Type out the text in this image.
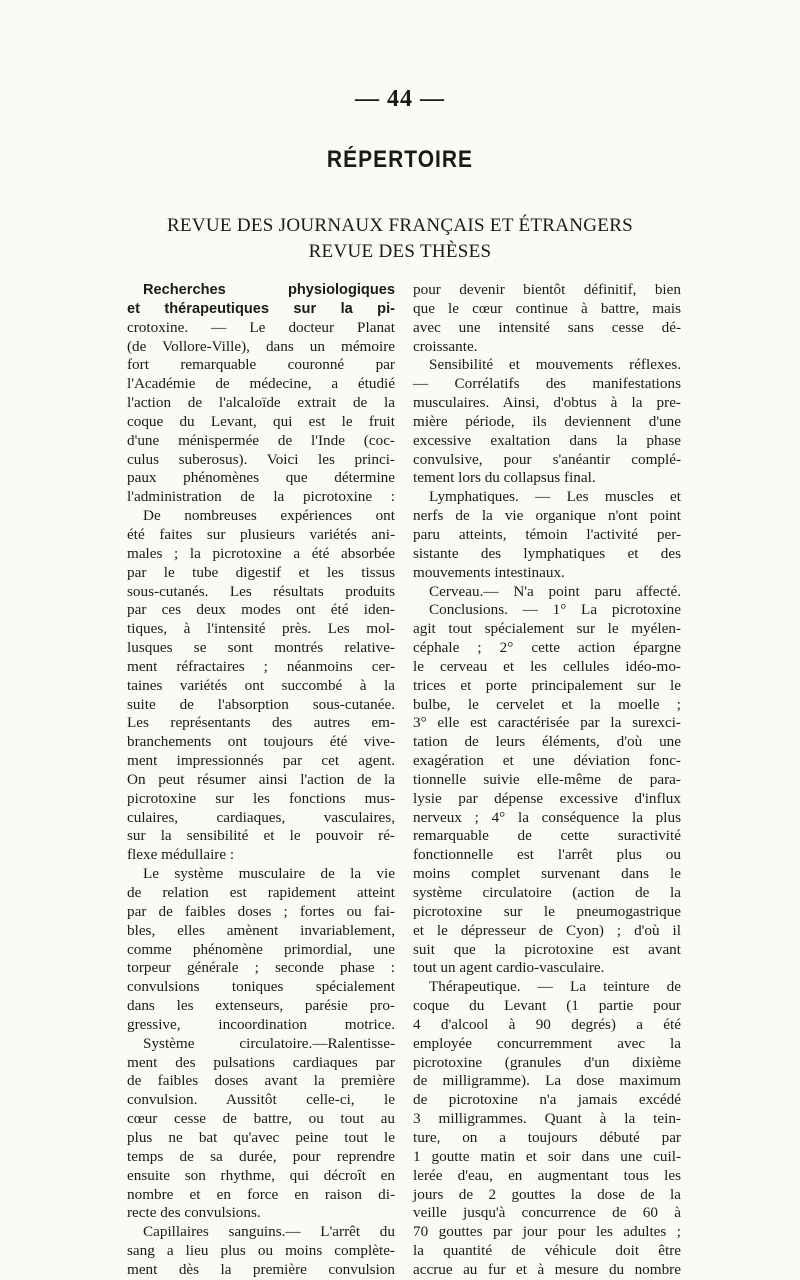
— 44 —
RÉPERTOIRE
REVUE DES JOURNAUX FRANÇAIS ET ÉTRANGERS
REVUE DES THÈSES
Recherches physiologiques
et thérapeutiques sur la pi-
crotoxine. — Le docteur Planat
(de Vollore-Ville), dans un mémoire
fort remarquable couronné par
l'Académie de médecine, a étudié
l'action de l'alcaloïde extrait de la
coque du Levant, qui est le fruit
d'une ménispermée de l'Inde (coc-
culus suberosus). Voici les princi-
paux phénomènes que détermine
l'administration de la picrotoxine :
De nombreuses expériences ont
été faites sur plusieurs variétés ani-
males ; la picrotoxine a été absorbée
par le tube digestif et les tissus
sous-cutanés. Les résultats produits
par ces deux modes ont été iden-
tiques, à l'intensité près. Les mol-
lusques se sont montrés relative-
ment réfractaires ; néanmoins cer-
taines variétés ont succombé à la
suite de l'absorption sous-cutanée.
Les représentants des autres em-
branchements ont toujours été vive-
ment impressionnés par cet agent.
On peut résumer ainsi l'action de la
picrotoxine sur les fonctions mus-
culaires, cardiaques, vasculaires,
sur la sensibilité et le pouvoir ré-
flexe médullaire :
Le système musculaire de la vie
de relation est rapidement atteint
par de faibles doses ; fortes ou fai-
bles, elles amènent invariablement,
comme phénomène primordial, une
torpeur générale ; seconde phase :
convulsions toniques spécialement
dans les extenseurs, parésie pro-
gressive, incoordination motrice.
Système circulatoire.—Ralentisse-
ment des pulsations cardiaques par
de faibles doses avant la première
convulsion. Aussitôt celle-ci, le
cœur cesse de battre, ou tout au
plus ne bat qu'avec peine tout le
temps de sa durée, pour reprendre
ensuite son rhythme, qui décroît en
nombre et en force en raison di-
recte des convulsions.
Capillaires sanguins.— L'arrêt du
sang a lieu plus ou moins complète-
ment dès la première convulsion
pour devenir bientôt définitif, bien
que le cœur continue à battre, mais
avec une intensité sans cesse dé-
croissante.
Sensibilité et mouvements réflexes.
— Corrélatifs des manifestations
musculaires. Ainsi, d'obtus à la pre-
mière période, ils deviennent d'une
excessive exaltation dans la phase
convulsive, pour s'anéantir complé-
tement lors du collapsus final.
Lymphatiques. — Les muscles et
nerfs de la vie organique n'ont point
paru atteints, témoin l'activité per-
sistante des lymphatiques et des
mouvements intestinaux.
Cerveau.— N'a point paru affecté.
Conclusions. — 1° La picrotoxine
agit tout spécialement sur le myélen-
céphale ; 2° cette action épargne
le cerveau et les cellules idéo-mo-
trices et porte principalement sur le
bulbe, le cervelet et la moelle ;
3° elle est caractérisée par la surexci-
tation de leurs éléments, d'où une
exagération et une déviation fonc-
tionnelle suivie elle-même de para-
lysie par dépense excessive d'influx
nerveux ; 4° la conséquence la plus
remarquable de cette suractivité
fonctionnelle est l'arrêt plus ou
moins complet survenant dans le
système circulatoire (action de la
picrotoxine sur le pneumogastrique
et le dépresseur de Cyon) ; d'où il
suit que la picrotoxine est avant
tout un agent cardio-vasculaire.
Thérapeutique. — La teinture de
coque du Levant (1 partie pour
4 d'alcool à 90 degrés) a été
employée concurremment avec la
picrotoxine (granules d'un dixième
de milligramme). La dose maximum
de picrotoxine n'a jamais excédé
3 milligrammes. Quant à la tein-
ture, on a toujours débuté par
1 goutte matin et soir dans une cuil-
lerée d'eau, en augmentant tous les
jours de 2 gouttes la dose de la
veille jusqu'à concurrence de 60 à
70 gouttes par jour pour les adultes ;
la quantité de véhicule doit être
accrue au fur et à mesure du nombre
